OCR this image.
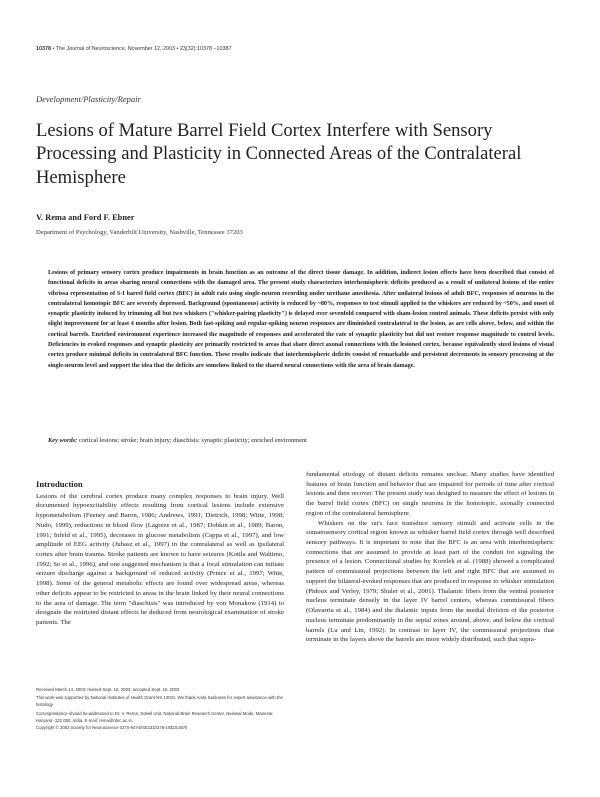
10378 • The Journal of Neuroscience, November 12, 2003 • 23(32):10378 –10387
Development/Plasticity/Repair
Lesions of Mature Barrel Field Cortex Interfere with Sensory Processing and Plasticity in Connected Areas of the Contralateral Hemisphere
V. Rema and Ford F. Ebner
Department of Psychology, Vanderbilt University, Nashville, Tennessee 37203

Lesions of primary sensory cortex produce impairments in brain function as an outcome of the direct tissue damage. In addition, indirect lesion effects have been described that consist of functional deficits in areas sharing neural connections with the damaged area. The present study characterizes interhemispheric deficits produced as a result of unilateral lesions of the entire vibrissa representation of S-I barrel field cortex (BFC) in adult rats using single-neuron recording under urethane anesthesia. After unilateral lesions of adult BFC, responses of neurons in the contralateral homotopic BFC are severely depressed. Background (spontaneous) activity is reduced by ~80%, responses to test stimuli applied to the whiskers are reduced by ~50%, and onset of synaptic plasticity induced by trimming all but two whiskers ("whisker-pairing plasticity") is delayed over sevenfold compared with sham-lesion control animals. These deficits persist with only slight improvement for at least 4 months after lesion. Both fast-spiking and regular-spiking neuron responses are diminished contralateral to the lesion, as are cells above, below, and within the cortical barrels. Enriched environment experience increased the magnitude of responses and accelerated the rate of synaptic plasticity but did not restore response magnitude to control levels. Deficiencies in evoked responses and synaptic plasticity are primarily restricted to areas that share direct axonal connections with the lesioned cortex, because equivalently sized lesions of visual cortex produce minimal deficits in contralateral BFC function. These results indicate that interhemispheric deficits consist of remarkable and persistent decrements in sensory processing at the single-neuron level and support the idea that the deficits are somehow linked to the shared neural connections with the area of brain damage.

Key words: cortical lesions; stroke; brain injury; diaschisis; synaptic plasticity; enriched environment
Introduction

Lesions of the cerebral cortex produce many complex responses to brain injury. Well documented hypoexcitability effects resulting from cortical lesions include extensive hypometabolism (Feeney and Baron, 1986; Andrews, 1991; Dietrich, 1998; Witte, 1998; Nudo, 1999), reductions in blood flow (Lagreze et al., 1987; Dobkin et al., 1989; Baron, 1991; Infeld et al., 1995), decreases in glucose metabolism (Cappa et al., 1997), and low amplitude of EEG activity (Juhasz et al., 1997) in the contralateral as well as ipsilateral cortex after brain trauma. Stroke patients are known to have seizures (Kotila and Waltimo, 1992; So et al., 1996), and one suggested mechanism is that a focal stimulation can initiate seizure discharge against a background of reduced activity (Prince et al., 1997; Witte, 1998). Some of the general metabolic effects are found over widespread areas, whereas other deficits appear to be restricted to areas in the brain linked by their neural connections to the area of damage. The term "diaschisis" was introduced by von Monakow (1914) to designate the restricted distant effects he deduced from neurological examination of stroke patients. The

fundamental etiology of distant deficits remains unclear. Many studies have identified features of brain function and behavior that are impaired for periods of time after cortical lesions and then recover. The present study was designed to measure the effect of lesions in the barrel field cortex (BFC) on single neurons in the homotopic, axonally connected region of the contralateral hemisphere.

Whiskers on the rat's face transduce sensory stimuli and activate cells in the somatosensory cortical region known as whisker barrel field cortex through well described sensory pathways. It is important to note that the BFC is an area with interhemispheric connections that are assumed to provide at least part of the conduit for signaling the presence of a lesion. Connectional studies by Korelek et al. (1988) showed a complicated pattern of commissural projections between the left and right BFC that are assumed to support the bilateral-evoked responses that are produced in response to whisker stimulation (Pidoux and Verley, 1979; Shuler et al., 2001). Thalamic fibers from the ventral posterior nucleus terminate densely in the layer IV barrel centers, whereas commissural fibers (Olavarria et al., 1984) and the thalamic inputs from the medial division of the posterior nucleus terminate predominantly in the septal zones around, above, and below the cortical barrels (Lu and Lin, 1992). In contrast to layer IV, the commissural projections that terminate in the layers above the barrels are more widely distributed, such that supra-

Received March 14, 2003; revised Sept. 15, 2003; accepted Sept. 15, 2003.
This work was supported by National Institutes of Health Grant NS 13031. We thank Anita Sankaran for expert assistance with the histology.
Correspondence should be addressed to Dr. V. Rema, Sobell Unit, National Brain Research Center, Nainwal Mode, Manesar, Haryana -122 050, India. E-mail: rema@nbrc.ac.in.
Copyright © 2003 Society for Neuroscience 0270-6474/03/2310378-10$15.00/0
